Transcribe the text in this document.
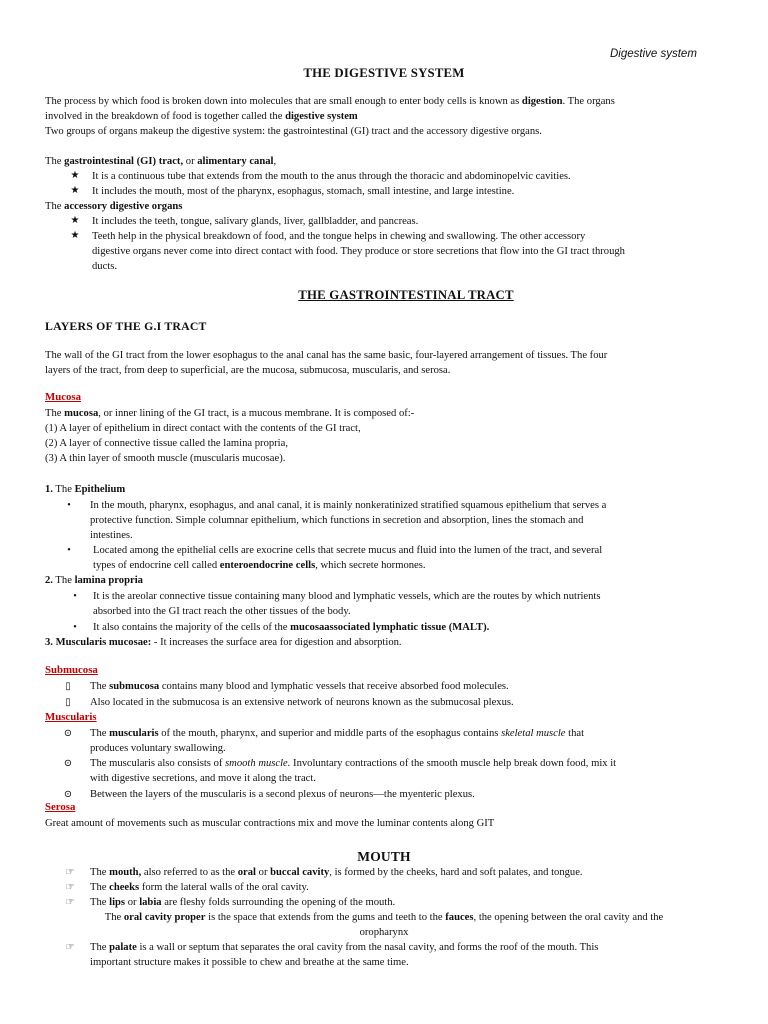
Digestive system
THE DIGESTIVE SYSTEM
The process by which food is broken down into molecules that are small enough to enter body cells is known as digestion. The organs
involved in the breakdown of food is together called the digestive system
Two groups of organs makeup the digestive system: the gastrointestinal (GI) tract and the accessory digestive organs.
The gastrointestinal (GI) tract, or alimentary canal,
★ It is a continuous tube that extends from the mouth to the anus through the thoracic and abdominopelvic cavities.
★ It includes the mouth, most of the pharynx, esophagus, stomach, small intestine, and large intestine.
The accessory digestive organs
★ It includes the teeth, tongue, salivary glands, liver, gallbladder, and pancreas.
★ Teeth help in the physical breakdown of food, and the tongue helps in chewing and swallowing. The other accessory
digestive organs never come into direct contact with food. They produce or store secretions that flow into the GI tract through
ducts.
THE GASTROINTESTINAL TRACT
LAYERS OF THE G.I TRACT
The wall of the GI tract from the lower esophagus to the anal canal has the same basic, four-layered arrangement of tissues. The four
layers of the tract, from deep to superficial, are the mucosa, submucosa, muscularis, and serosa.
Mucosa
The mucosa, or inner lining of the GI tract, is a mucous membrane. It is composed of:-
(1) A layer of epithelium in direct contact with the contents of the GI tract,
(2) A layer of connective tissue called the lamina propria,
(3) A thin layer of smooth muscle (muscularis mucosae).
1. The Epithelium
•	In the mouth, pharynx, esophagus, and anal canal, it is mainly nonkeratinized stratified squamous epithelium that serves a
protective function. Simple columnar epithelium, which functions in secretion and absorption, lines the stomach and
intestines.
•	Located among the epithelial cells are exocrine cells that secrete mucus and fluid into the lumen of the tract, and several
types of endocrine cell called enteroendocrine cells, which secrete hormones.
2. The lamina propria
•	It is the areolar connective tissue containing many blood and lymphatic vessels, which are the routes by which nutrients
absorbed into the GI tract reach the other tissues of the body.
•	It also contains the majority of the cells of the mucosaassociated lymphatic tissue (MALT).
3. Muscularis mucosae: - It increases the surface area for digestion and absorption.
Submucosa
▯	The submucosa contains many blood and lymphatic vessels that receive absorbed food molecules.
▯	Also located in the submucosa is an extensive network of neurons known as the submucosal plexus.
Muscularis
⊙ The muscularis of the mouth, pharynx, and superior and middle parts of the esophagus contains skeletal muscle that
produces voluntary swallowing.
⊙ The muscularis also consists of smooth muscle. Involuntary contractions of the smooth muscle help break down food, mix it
with digestive secretions, and move it along the tract.
⊙ Between the layers of the muscularis is a second plexus of neurons—the myenteric plexus.
Serosa
Great amount of movements such as muscular contractions mix and move the luminar contents along GIT
MOUTH
☞ The mouth, also referred to as the oral or buccal cavity, is formed by the cheeks, hard and soft palates, and tongue.
☞ The cheeks form the lateral walls of the oral cavity.
☞ The lips or labia are fleshy folds surrounding the opening of the mouth.
The oral cavity proper is the space that extends from the gums and teeth to the fauces, the opening between the oral cavity and the
oropharynx
☞ The palate is a wall or septum that separates the oral cavity from the nasal cavity, and forms the roof of the mouth. This
important structure makes it possible to chew and breathe at the same time.
